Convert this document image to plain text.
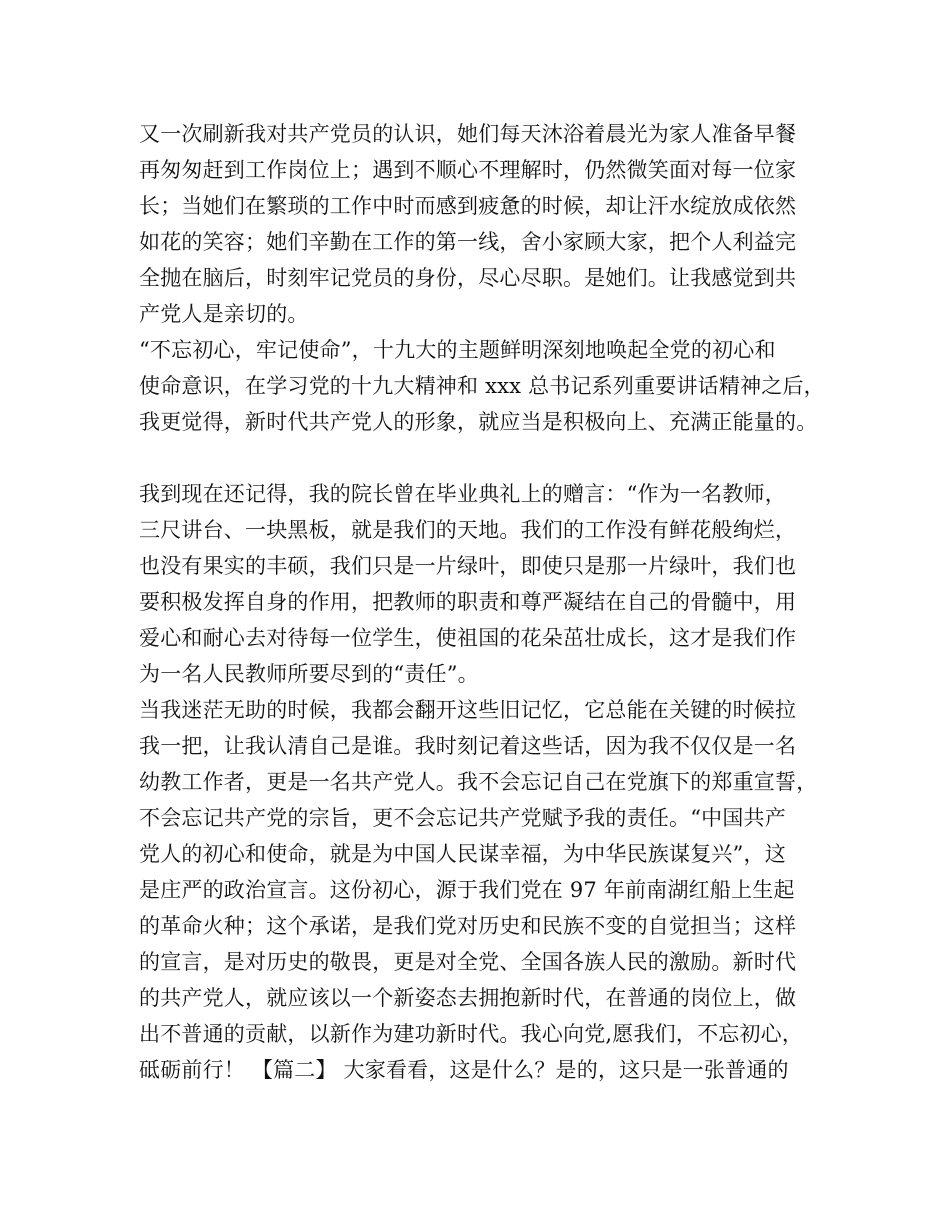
又一次刷新我对共产党员的认识，她们每天沐浴着晨光为家人准备早餐
再匆匆赶到工作岗位上；遇到不顺心不理解时，仍然微笑面对每一位家
长；当她们在繁琐的工作中时而感到疲惫的时候，却让汗水绽放成依然
如花的笑容；她们辛勤在工作的第一线，舍小家顾大家，把个人利益完
全抛在脑后，时刻牢记党员的身份，尽心尽职。是她们。让我感觉到共
产党人是亲切的。
“不忘初心，牢记使命”，十九大的主题鲜明深刻地唤起全党的初心和
使命意识，在学习党的十九大精神和 xxx 总书记系列重要讲话精神之后，
我更觉得，新时代共产党人的形象，就应当是积极向上、充满正能量的。
我到现在还记得，我的院长曾在毕业典礼上的赠言：“作为一名教师，
三尺讲台、一块黑板，就是我们的天地。我们的工作没有鲜花般绚烂，
也没有果实的丰硕，我们只是一片绿叶，即使只是那一片绿叶，我们也
要积极发挥自身的作用，把教师的职责和尊严凝结在自己的骨髓中，用
爱心和耐心去对待每一位学生，使祖国的花朵茁壮成长，这才是我们作
为一名人民教师所要尽到的“责任”。
当我迷茫无助的时候，我都会翻开这些旧记忆，它总能在关键的时候拉
我一把，让我认清自己是谁。我时刻记着这些话，因为我不仅仅是一名
幼教工作者，更是一名共产党人。我不会忘记自己在党旗下的郑重宣誓，
不会忘记共产党的宗旨，更不会忘记共产党赋予我的责任。“中国共产
党人的初心和使命，就是为中国人民谋幸福，为中华民族谋复兴”，这
是庄严的政治宣言。这份初心，源于我们党在 97 年前南湖红船上生起
的革命火种；这个承诺，是我们党对历史和民族不变的自觉担当；这样
的宣言，是对历史的敬畏，更是对全党、全国各族人民的激励。新时代
的共产党人，就应该以一个新姿态去拥抱新时代，在普通的岗位上，做
出不普通的贡献，以新作为建功新时代。我心向党,愿我们，不忘初心，
砥砺前行！ 【篇二】 大家看看，这是什么？是的，这只是一张普通的
